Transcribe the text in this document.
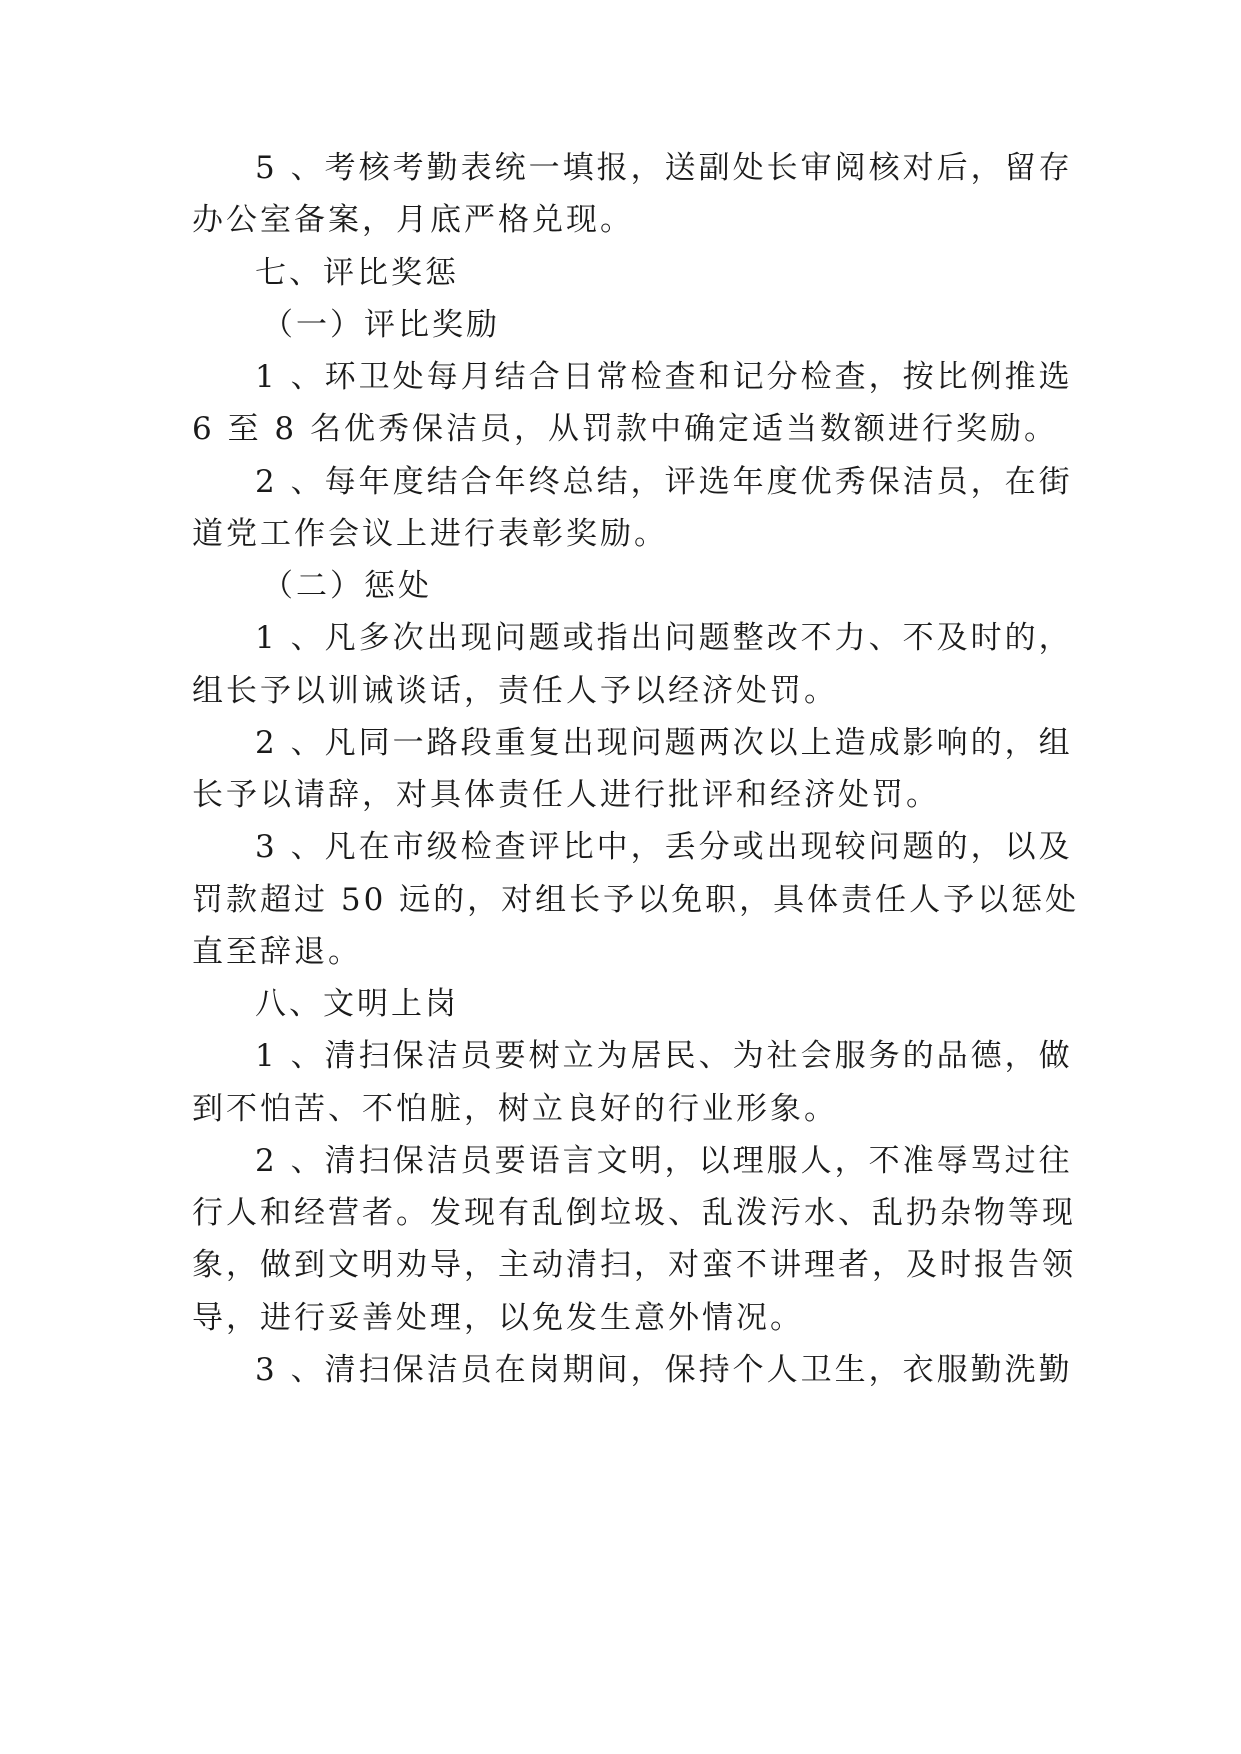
5 、考核考勤表统一填报，送副处长审阅核对后，留存
办公室备案，月底严格兑现。
七、评比奖惩
（一）评比奖励
1 、环卫处每月结合日常检查和记分检查，按比例推选
6 至 8 名优秀保洁员，从罚款中确定适当数额进行奖励。
2 、每年度结合年终总结，评选年度优秀保洁员，在街
道党工作会议上进行表彰奖励。
（二）惩处
1 、凡多次出现问题或指出问题整改不力、不及时的，
组长予以训诫谈话，责任人予以经济处罚。
2 、凡同一路段重复出现问题两次以上造成影响的，组
长予以请辞，对具体责任人进行批评和经济处罚。
3 、凡在市级检查评比中，丢分或出现较问题的，以及
罚款超过 50 远的，对组长予以免职，具体责任人予以惩处
直至辞退。
八、文明上岗
1 、清扫保洁员要树立为居民、为社会服务的品德，做
到不怕苦、不怕脏，树立良好的行业形象。
2 、清扫保洁员要语言文明，以理服人，不准辱骂过往
行人和经营者。发现有乱倒垃圾、乱泼污水、乱扔杂物等现
象，做到文明劝导，主动清扫，对蛮不讲理者，及时报告领
导，进行妥善处理，以免发生意外情况。
3 、清扫保洁员在岗期间，保持个人卫生，衣服勤洗勤
